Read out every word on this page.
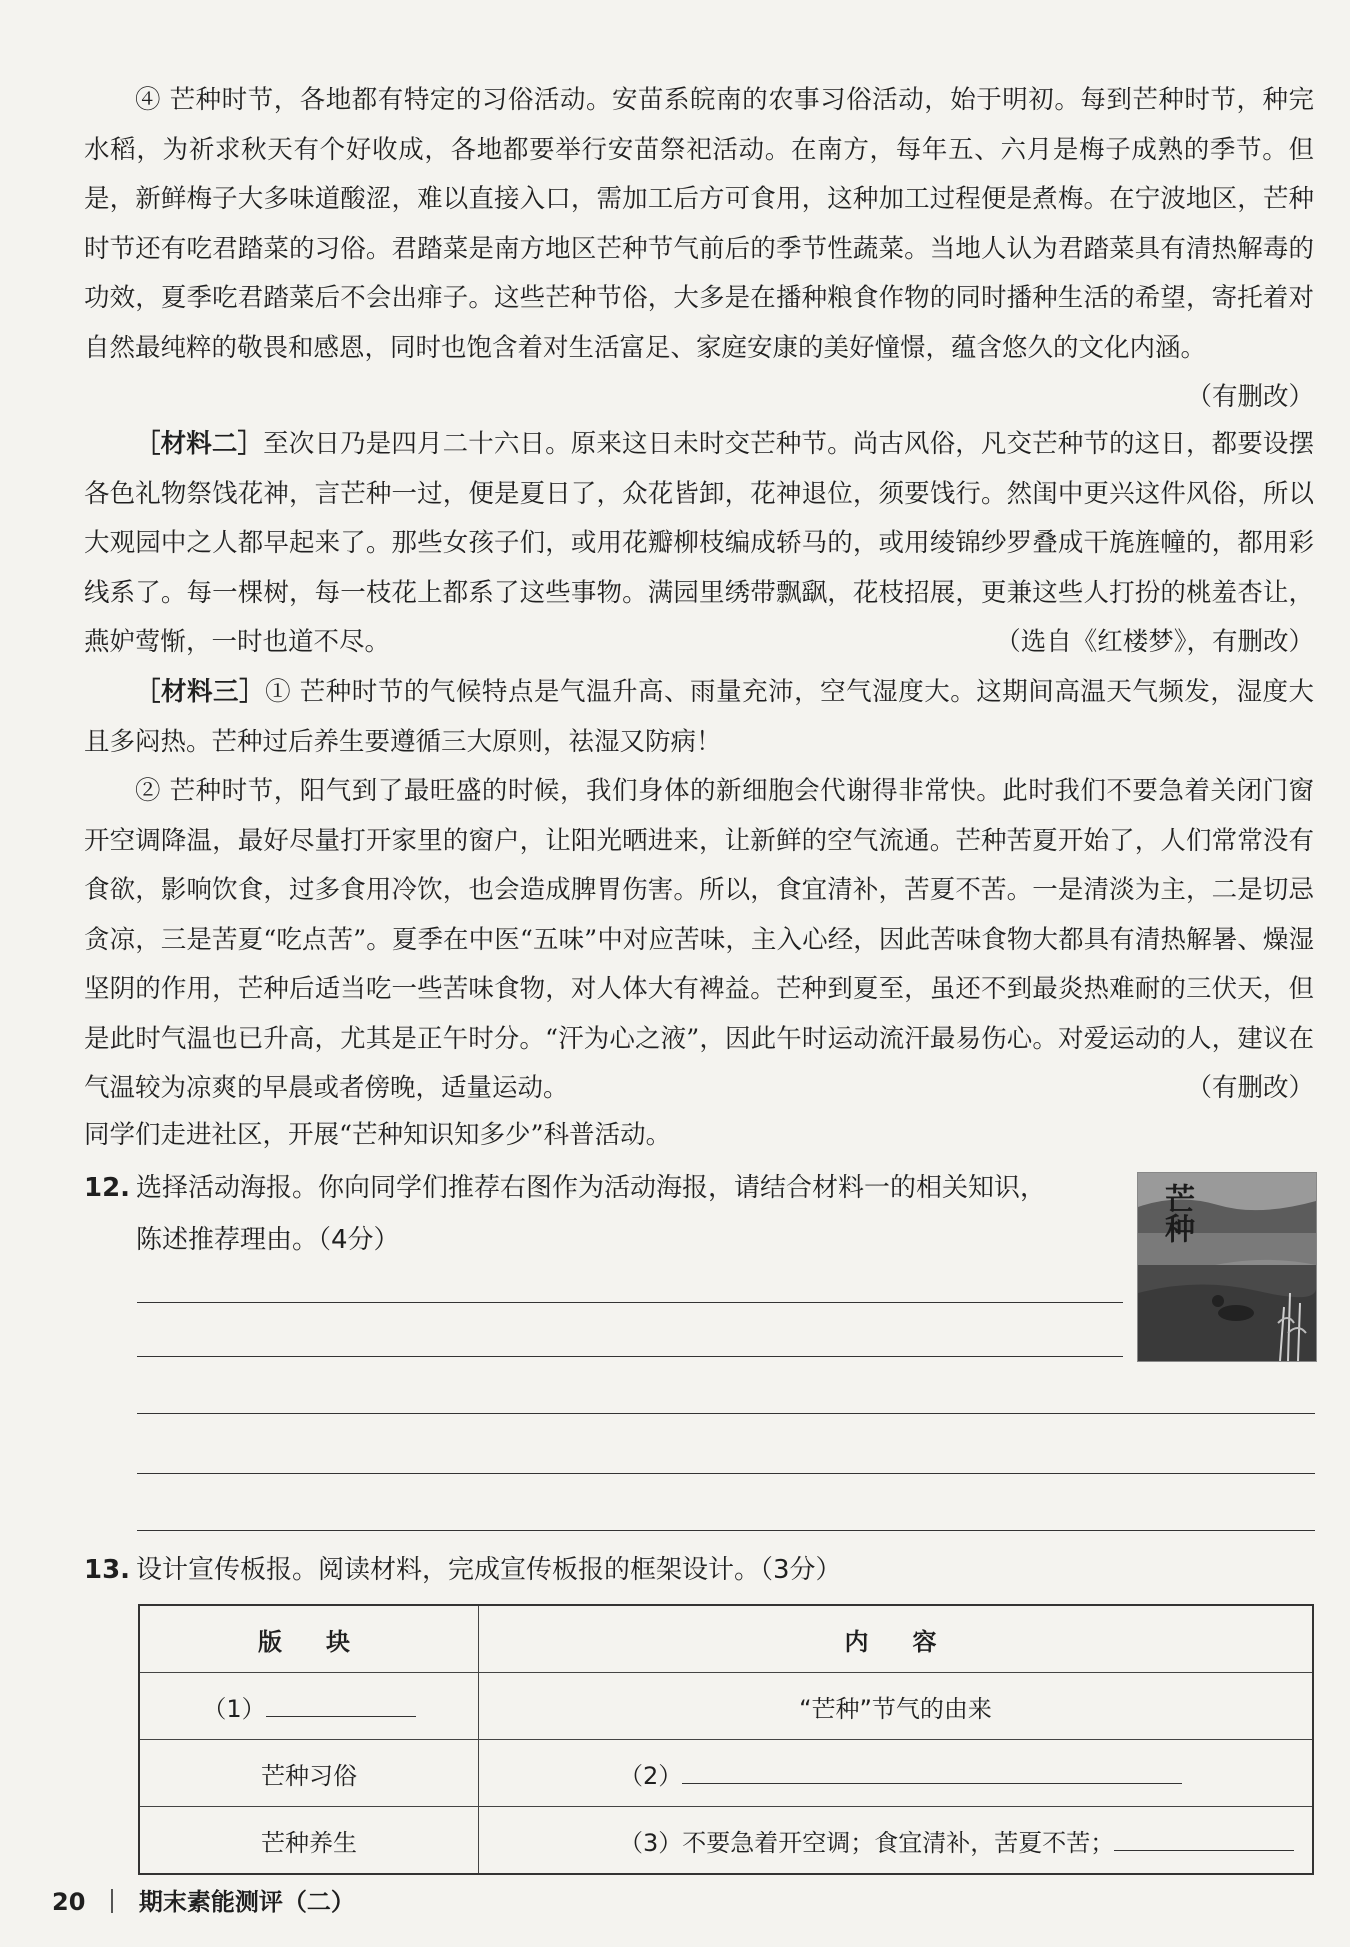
④ 芒种时节，各地都有特定的习俗活动。安苗系皖南的农事习俗活动，始于明初。每到芒种时节，种完水稻，为祈求秋天有个好收成，各地都要举行安苗祭祀活动。在南方，每年五、六月是梅子成熟的季节。但是，新鲜梅子大多味道酸涩，难以直接入口，需加工后方可食用，这种加工过程便是煮梅。在宁波地区，芒种时节还有吃君踏菜的习俗。君踏菜是南方地区芒种节气前后的季节性蔬菜。当地人认为君踏菜具有清热解毒的功效，夏季吃君踏菜后不会出痱子。这些芒种节俗，大多是在播种粮食作物的同时播种生活的希望，寄托着对自然最纯粹的敬畏和感恩，同时也饱含着对生活富足、家庭安康的美好憧憬，蕴含悠久的文化内涵。
（有删改）

［材料二］至次日乃是四月二十六日。原来这日未时交芒种节。尚古风俗，凡交芒种节的这日，都要设摆各色礼物祭饯花神，言芒种一过，便是夏日了，众花皆卸，花神退位，须要饯行。然闺中更兴这件风俗，所以大观园中之人都早起来了。那些女孩子们，或用花瓣柳枝编成轿马的，或用绫锦纱罗叠成干旄旌幢的，都用彩线系了。每一棵树，每一枝花上都系了这些事物。满园里绣带飘飖，花枝招展，更兼这些人打扮的桃羞杏让，燕妒莺惭，一时也道不尽。	（选自《红楼梦》，有删改）

［材料三］① 芒种时节的气候特点是气温升高、雨量充沛，空气湿度大。这期间高温天气频发，湿度大且多闷热。芒种过后养生要遵循三大原则，祛湿又防病！

② 芒种时节，阳气到了最旺盛的时候，我们身体的新细胞会代谢得非常快。此时我们不要急着关闭门窗开空调降温，最好尽量打开家里的窗户，让阳光晒进来，让新鲜的空气流通。芒种苦夏开始了，人们常常没有食欲，影响饮食，过多食用冷饮，也会造成脾胃伤害。所以，食宜清补，苦夏不苦。一是清淡为主，二是切忌贪凉，三是苦夏“吃点苦”。夏季在中医“五味”中对应苦味，主入心经，因此苦味食物大都具有清热解暑、燥湿坚阴的作用，芒种后适当吃一些苦味食物，对人体大有裨益。芒种到夏至，虽还不到最炎热难耐的三伏天，但是此时气温也已升高，尤其是正午时分。“汗为心之液”，因此午时运动流汗最易伤心。对爱运动的人，建议在气温较为凉爽的早晨或者傍晚，适量运动。	（有删改）

同学们走进社区，开展“芒种知识知多少”科普活动。

12. 选择活动海报。你向同学们推荐右图作为活动海报，请结合材料一的相关知识，
陈述推荐理由。（4分）	芒种
13. 设计宣传板报。阅读材料，完成宣传板报的框架设计。（3分）
版　块	内　容
（1）	“芒种”节气的由来
芒种习俗	（2）
芒种养生	（3）不要急着开空调；食宜清补，苦夏不苦；
20 期末素能测评（二）
